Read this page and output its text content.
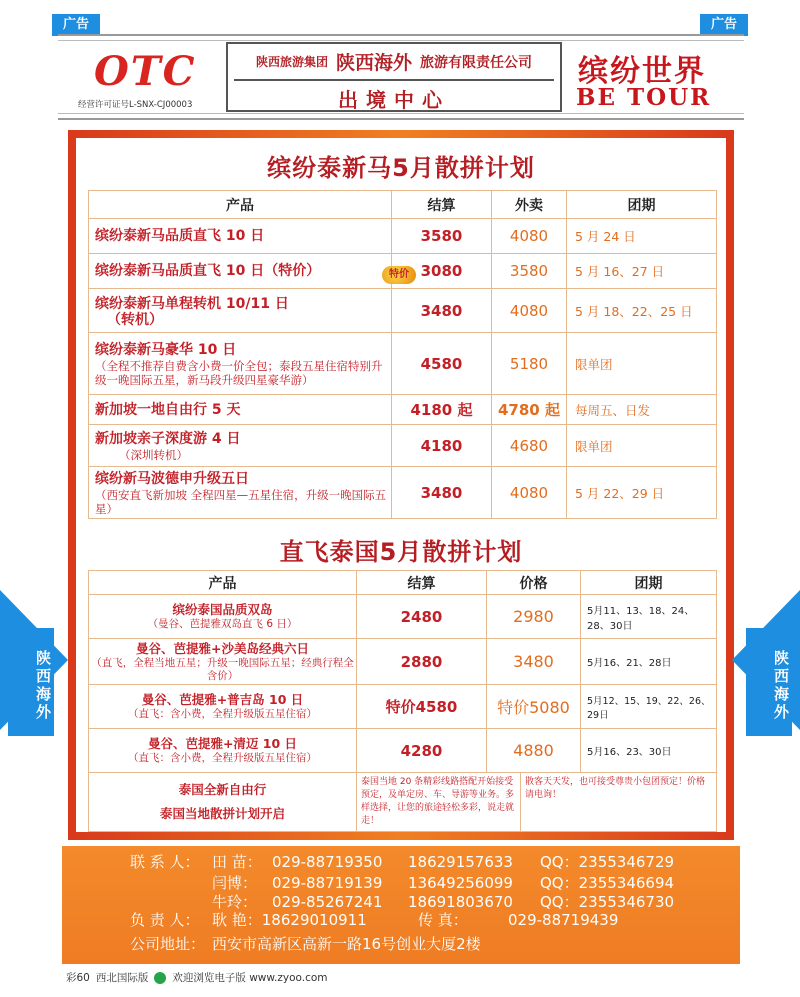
广告	广告
OTC
经营许可证号L-SNX-CJ00003
陕西旅游集团 陕西海外 旅游有限责任公司
出境中心
缤纷世界
BE TOUR
缤纷泰新马5月散拼计划
产品	结算	外卖	团期
缤纷泰新马品质直飞 10 日	3580	4080	5 月 24 日
缤纷泰新马品质直飞 10 日（特价）	特价 3080	3580	5 月 16、27 日

缤纷泰新马单程转机 10/11 日
（转机）	3480	4080	5 月 18、22、25 日

缤纷泰新马豪华 10 日
（全程不推荐自费含小费一价全包；泰段五星住宿特别升级一晚国际五星，新马段升级四星豪华游）	4580	5180	限单团
新加坡一地自由行 5 天	4180 起	4780 起	每周五、日发

新加坡亲子深度游 4 日
（深圳转机）	4180	4680	限单团

缤纷新马波德申升级五日
（西安直飞新加坡 全程四星—五星住宿，升级一晚国际五星）	3480	4080	5 月 22、29 日
直飞泰国5月散拼计划
产品	结算	价格		团期

缤纷泰国品质双岛
（曼谷、芭提雅双岛直飞 6 日）	2480	2980		5月11、13、18、24、28、30日

曼谷、芭提雅+沙美岛经典六日
（直飞，全程当地五星；升级一晚国际五星；经典行程全含价）	2880	3480		5月16、21、28日

曼谷、芭提雅+普吉岛 10 日
（直飞：含小费，全程升级版五星住宿）	特价4580	特价5080		5月12、15、19、22、26、29日

曼谷、芭提雅+清迈 10 日
（直飞：含小费，全程升级版五星住宿）	4280	4880		5月16、23、30日

泰国全新自由行
泰国当地散拼计划开启	泰国当地 20 条精彩线路搭配开始接受预定，及单定房、车、导游等业务。多样选择，让您的旅途轻松多彩，说走就走！		散客天天发，也可接受尊贵小包团预定！价格请电询！	
联 系 人： 田 苗： 029-88719350 18629157633 QQ：2355346729
闫博： 029-88719139 13649256099 QQ：2355346694
牛玲： 029-85267241 18691803670 QQ：2355346730
负 责 人： 耿 艳：18629010911	传 真：	029-88719439
公司地址： 西安市高新区高新一路16号创业大厦2楼
陕西海外	陕西海外
彩60 西北国际版 欢迎浏览电子版 www.zyoo.com
